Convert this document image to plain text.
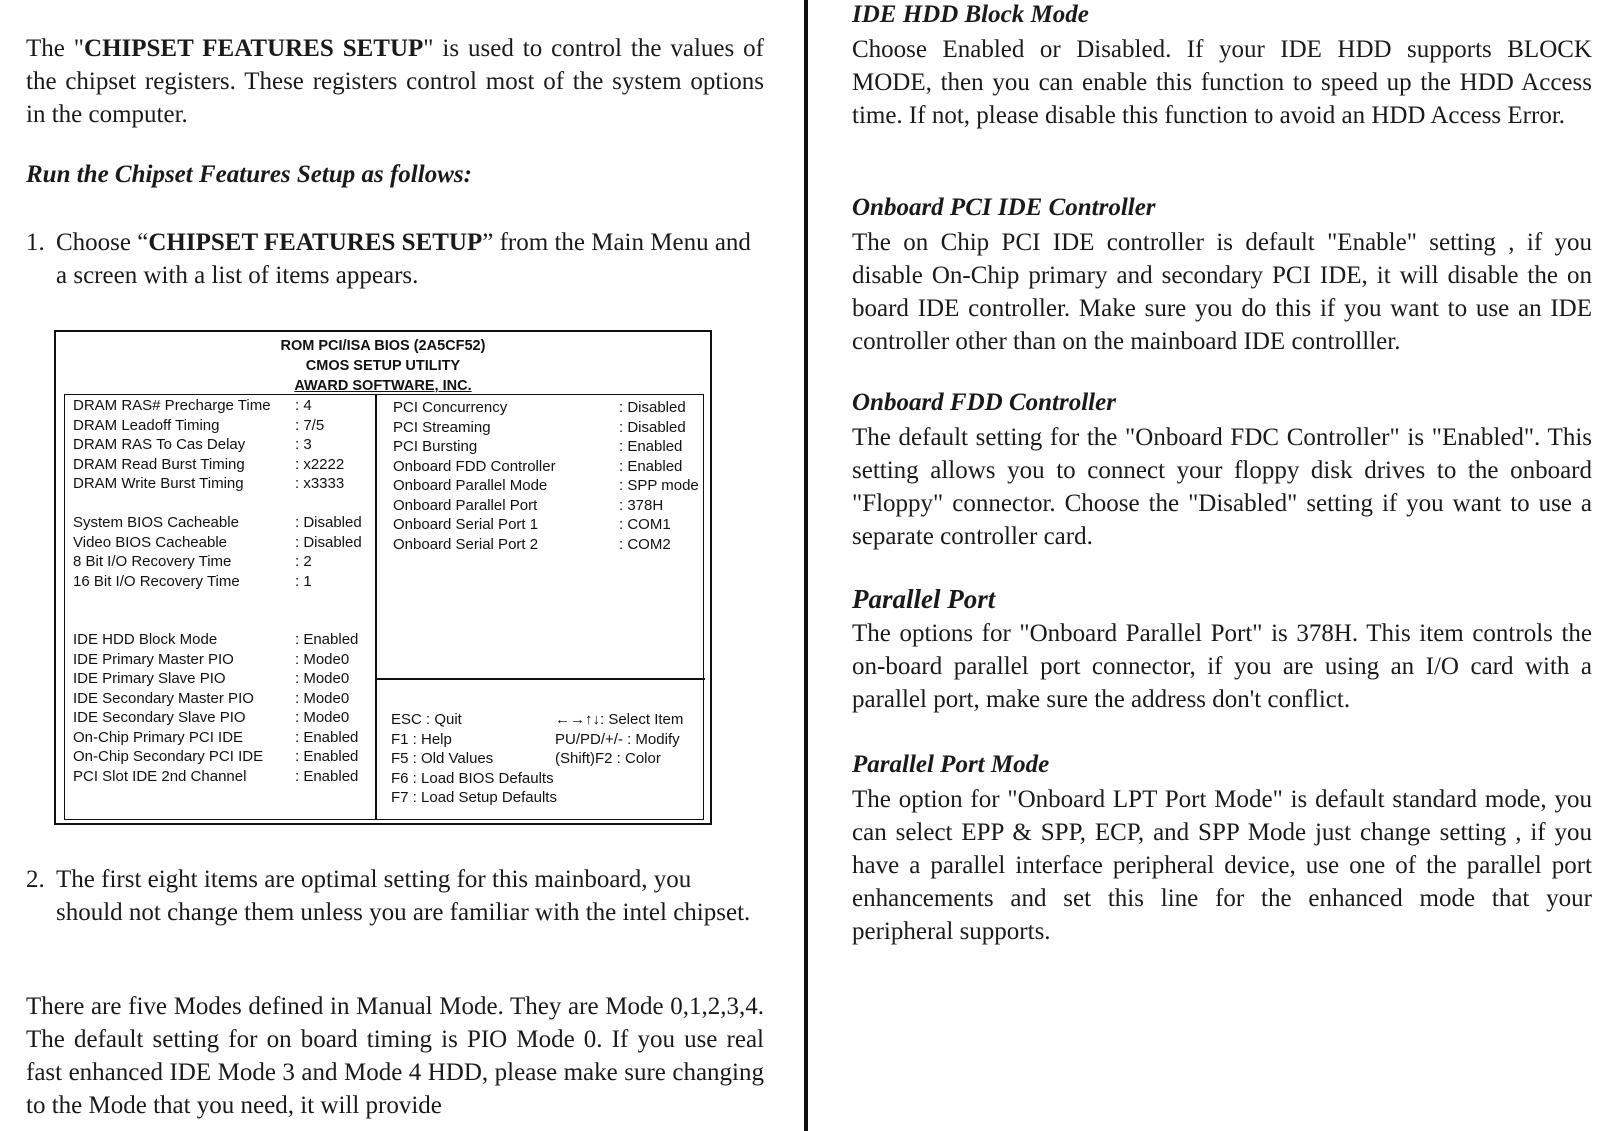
The "CHIPSET FEATURES SETUP" is used to control the values of the chipset registers. These registers control most of the system options in the computer.

Run the Chipset Features Setup as follows:

1. Choose “CHIPSET FEATURES SETUP” from the Main Menu and a screen with a list of items appears.
ROM PCI/ISA BIOS (2A5CF52)
CMOS SETUP UTILITY
AWARD SOFTWARE, INC.
DRAM RAS# Precharge Time : 4
DRAM Leadoff Timing	: 7/5
DRAM RAS To Cas Delay	: 3
DRAM Read Burst Timing	: x2222
DRAM Write Burst Timing	: x3333
System BIOS Cacheable	: Disabled
Video BIOS Cacheable	: Disabled
8 Bit I/O Recovery Time	: 2
16 Bit I/O Recovery Time	: 1
IDE HDD Block Mode	: Enabled
IDE Primary Master PIO	: Mode0
IDE Primary Slave PIO	: Mode0
IDE Secondary Master PIO	: Mode0
IDE Secondary Slave PIO	: Mode0
On-Chip Primary PCI IDE	: Enabled
On-Chip Secondary PCI IDE : Enabled
PCI Slot IDE 2nd Channel	: Enabled
PCI Concurrency	: Disabled
PCI Streaming	: Disabled
PCI Bursting	: Enabled
Onboard FDD Controller	: Enabled
Onboard Parallel Mode	: SPP mode
Onboard Parallel Port	: 378H
Onboard Serial Port 1	: COM1
Onboard Serial Port 2	: COM2
ESC : Quit	←→↑↓: Select Item
F1 : Help	PU/PD/+/- : Modify
F5 : Old Values	(Shift)F2 : Color
F6 : Load BIOS Defaults
F7 : Load Setup Defaults
2. The first eight items are optimal setting for this mainboard, you should not change them unless you are familiar with the intel chipset.

There are five Modes defined in Manual Mode. They are Mode 0,1,2,3,4. The default setting for on board timing is PIO Mode 0. If you use real fast enhanced IDE Mode 3 and Mode 4 HDD, please make sure changing to the Mode that you need, it will provide

IDE HDD Block Mode

Choose Enabled or Disabled. If your IDE HDD supports BLOCK MODE, then you can enable this function to speed up the HDD Access time. If not, please disable this function to avoid an HDD Access Error.

Onboard PCI IDE Controller

The on Chip PCI IDE controller is default "Enable" setting , if you disable On-Chip primary and secondary PCI IDE, it will disable the on board IDE controller. Make sure you do this if you want to use an IDE controller other than on the mainboard IDE controlller.

Onboard FDD Controller

The default setting for the "Onboard FDC Controller" is "Enabled". This setting allows you to connect your floppy disk drives to the onboard "Floppy" connector. Choose the "Disabled" setting if you want to use a separate controller card.

Parallel Port

The options for "Onboard Parallel Port" is 378H. This item controls the on-board parallel port connector, if you are using an I/O card with a parallel port, make sure the address don't conflict.

Parallel Port Mode

The option for "Onboard LPT Port Mode" is default standard mode, you can select EPP & SPP, ECP, and SPP Mode just change setting , if you have a parallel interface peripheral device, use one of the parallel port enhancements and set this line for the enhanced mode that your peripheral supports.
